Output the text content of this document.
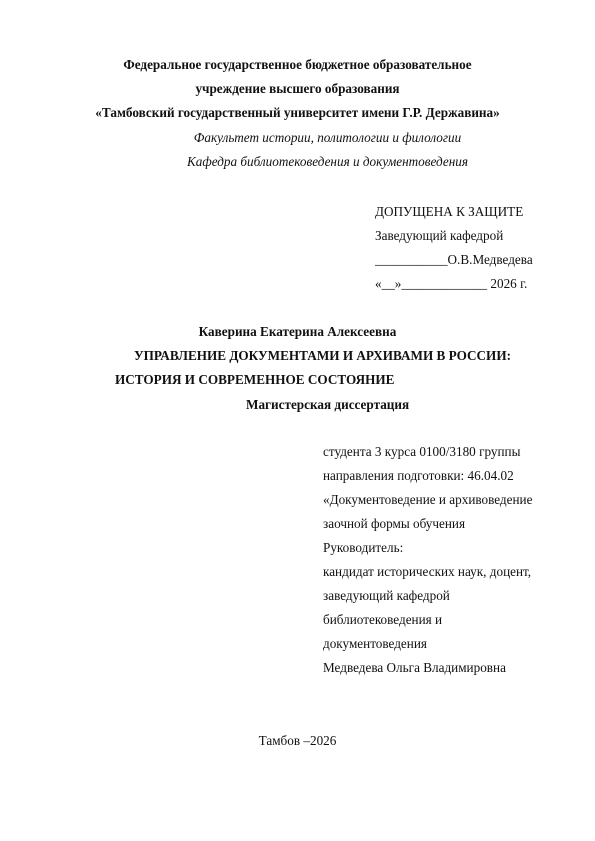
Федеральное государственное бюджетное образовательное
учреждение высшего образования
«Тамбовский государственный университет имени Г.Р. Державина»
Факультет истории, политологии и филологии
Кафедра библиотековедения и документоведения
ДОПУЩЕНА К ЗАЩИТЕ
Заведующий кафедрой
___________О.В.Медведева
«__»_____________ 2026 г.
Каверина Екатерина Алексеевна
УПРАВЛЕНИЕ ДОКУМЕНТАМИ И АРХИВАМИ В РОССИИ:
ИСТОРИЯ И СОВРЕМЕННОЕ СОСТОЯНИЕ
Магистерская диссертация
студента 3 курса 0100/3180 группы
направления подготовки: 46.04.02
«Документоведение и архивоведение
заочной формы обучения
Руководитель:
кандидат исторических наук, доцент,
заведующий кафедрой
библиотековедения и
документоведения
Медведева Ольга Владимировна
Тамбов –2026
